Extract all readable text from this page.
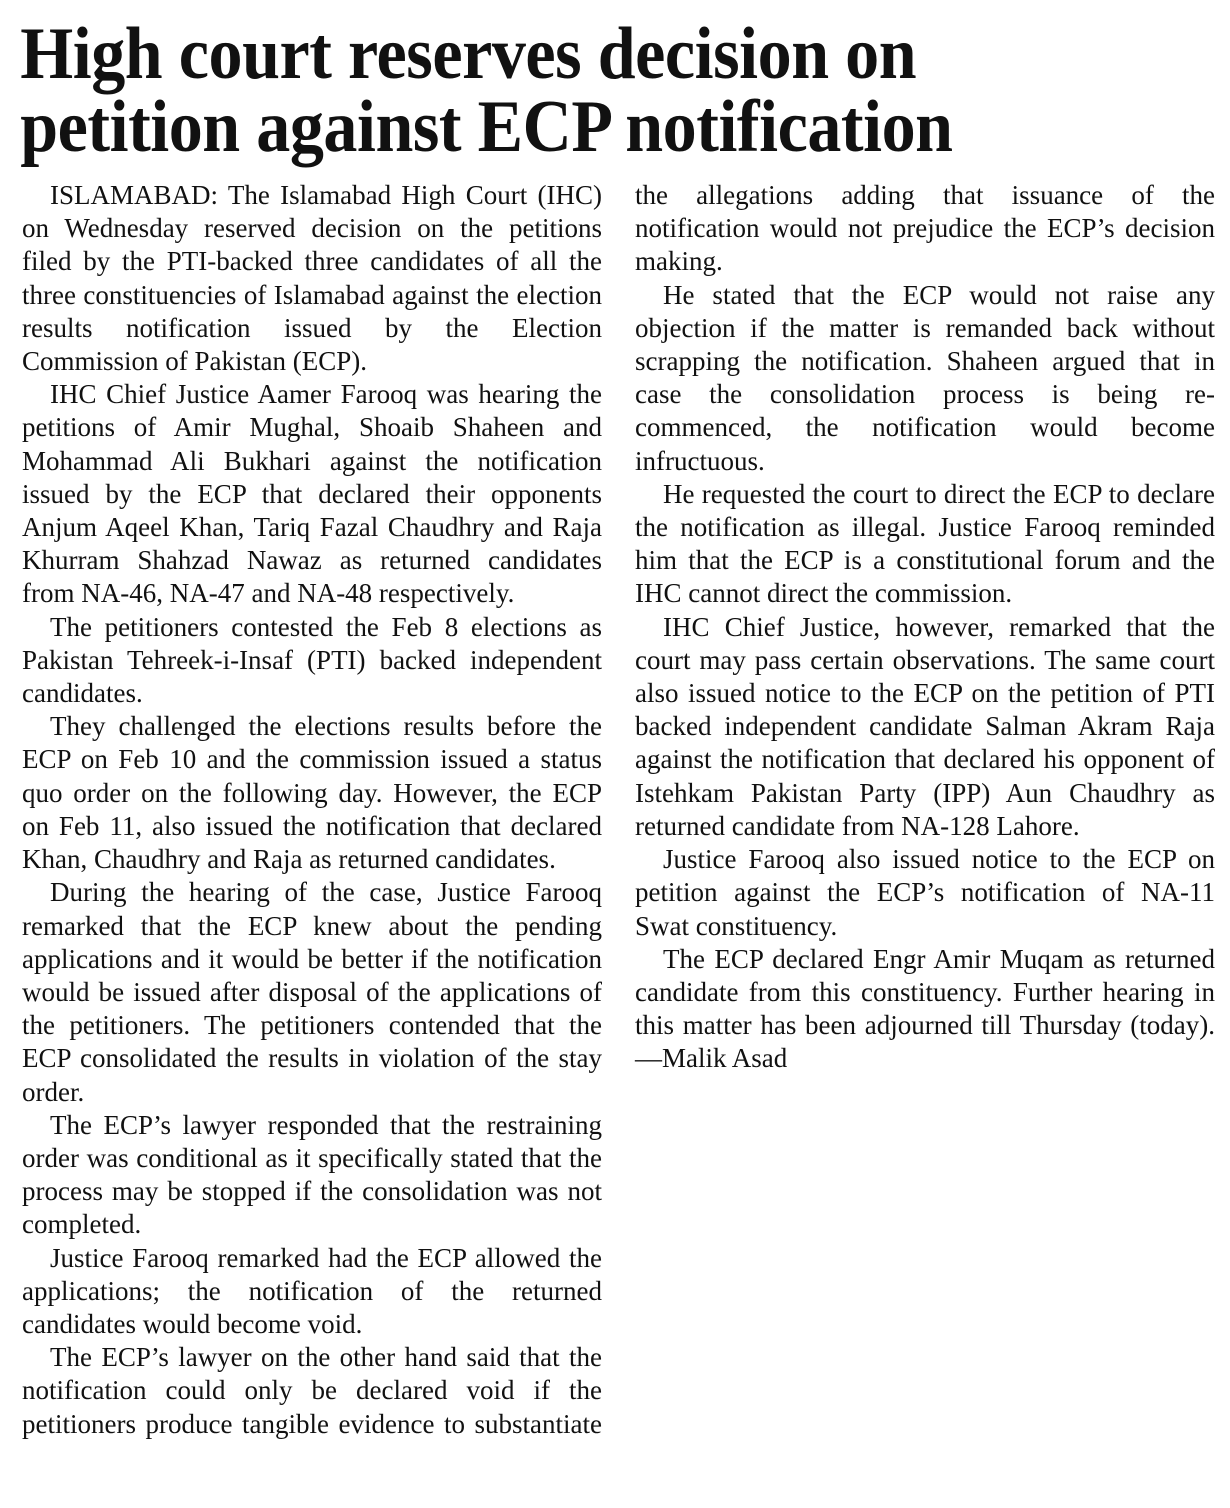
High court reserves decision on petition against ECP notification

ISLAMABAD: The Islamabad High Court (IHC) on Wednesday reserved decision on the petitions filed by the PTI-backed three candidates of all the three constituencies of Islamabad against the election results notification issued by the Election Commission of Pakistan (ECP).

IHC Chief Justice Aamer Farooq was hearing the petitions of Amir Mughal, Shoaib Shaheen and Mohammad Ali Bukhari against the notification issued by the ECP that declared their opponents Anjum Aqeel Khan, Tariq Fazal Chaudhry and Raja Khurram Shahzad Nawaz as returned candidates from NA-46, NA-47 and NA-48 respectively.

The petitioners contested the Feb 8 elections as Pakistan Tehreek-i-Insaf (PTI) backed independent candidates.

They challenged the elections results before the ECP on Feb 10 and the commission issued a status quo order on the following day. However, the ECP on Feb 11, also issued the notification that declared Khan, Chaudhry and Raja as returned candidates.

During the hearing of the case, Justice Farooq remarked that the ECP knew about the pending applications and it would be better if the notification would be issued after disposal of the applications of the petitioners. The petitioners contended that the ECP consolidated the results in violation of the stay order.

The ECP’s lawyer responded that the restraining order was conditional as it specifically stated that the process may be stopped if the consolidation was not completed.

Justice Farooq remarked had the ECP allowed the applications; the notification of the returned candidates would become void.

The ECP’s lawyer on the other hand said that the notification could only be declared void if the petitioners produce tangible evidence to substantiate the allegations adding that issuance of the notification would not prejudice the ECP’s decision making.

He stated that the ECP would not raise any objection if the matter is remanded back without scrapping the notification. Shaheen argued that in case the consolidation process is being re-commenced, the notification would become infructuous.

He requested the court to direct the ECP to declare the notification as illegal. Justice Farooq reminded him that the ECP is a constitutional forum and the IHC cannot direct the commission.

IHC Chief Justice, however, remarked that the court may pass certain observations. The same court also issued notice to the ECP on the petition of PTI backed independent candidate Salman Akram Raja against the notification that declared his opponent of Istehkam Pakistan Party (IPP) Aun Chaudhry as returned candidate from NA-128 Lahore.

Justice Farooq also issued notice to the ECP on petition against the ECP’s notification of NA-11 Swat constituency.

The ECP declared Engr Amir Muqam as returned candidate from this constituency. Further hearing in this matter has been adjourned till Thursday (today).—Malik Asad
